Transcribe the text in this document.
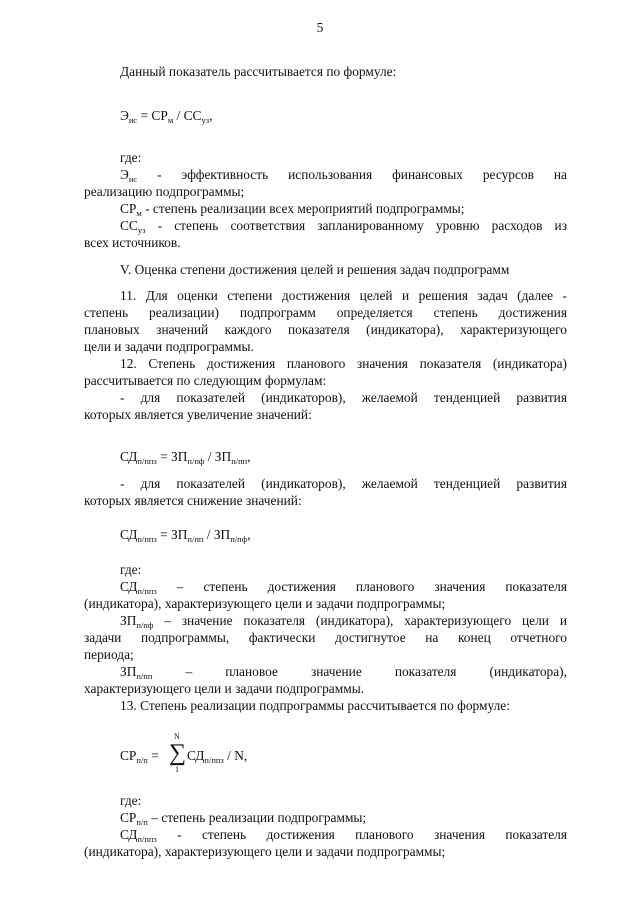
5
Данный показатель рассчитывается по формуле:
$Э_{ис} = СР_м / СС_{уз}$,
где:
$Э_{ис}$ - эффективность использования финансовых ресурсов на
реализацию подпрограммы;
$СР_м$ - степень реализации всех мероприятий подпрограммы;
$СС_{уз}$ - степень соответствия запланированному уровню расходов из
всех источников.
V. Оценка степени достижения целей и решения задач подпрограмм
11. Для оценки степени достижения целей и решения задач (далее -
степень реализации) подпрограмм определяется степень достижения
плановых значений каждого показателя (индикатора), характеризующего
цели и задачи подпрограммы.
12. Степень достижения планового значения показателя (индикатора)
рассчитывается по следующим формулам:
- для показателей (индикаторов), желаемой тенденцией развития
которых является увеличение значений:
$СД_{п/ппз} = ЗП_{п/пф} / ЗП_{п/пп}$,
- для показателей (индикаторов), желаемой тенденцией развития
которых является снижение значений:
$СД_{п/ппз} = ЗП_{п/пп} / ЗП_{п/пф}$,
где:
$СД_{п/ппз}$ – степень достижения планового значения показателя
(индикатора), характеризующего цели и задачи подпрограммы;
$ЗП_{п/пф}$ – значение показателя (индикатора), характеризующего цели и
задачи подпрограммы, фактически достигнутое на конец отчетного
периода;
$ЗП_{п/пп}$ – плановое значение показателя (индикатора),
характеризующего цели и задачи подпрограммы.
13. Степень реализации подпрограммы рассчитывается по формуле:
$СР_{п/п}$ =
N
∑
1
$СД_{п/ппз}$ / N,
где:
$СР_{п/п}$ – степень реализации подпрограммы;
$СД_{п/ппз}$ - степень достижения планового значения показателя
(индикатора), характеризующего цели и задачи подпрограммы;
